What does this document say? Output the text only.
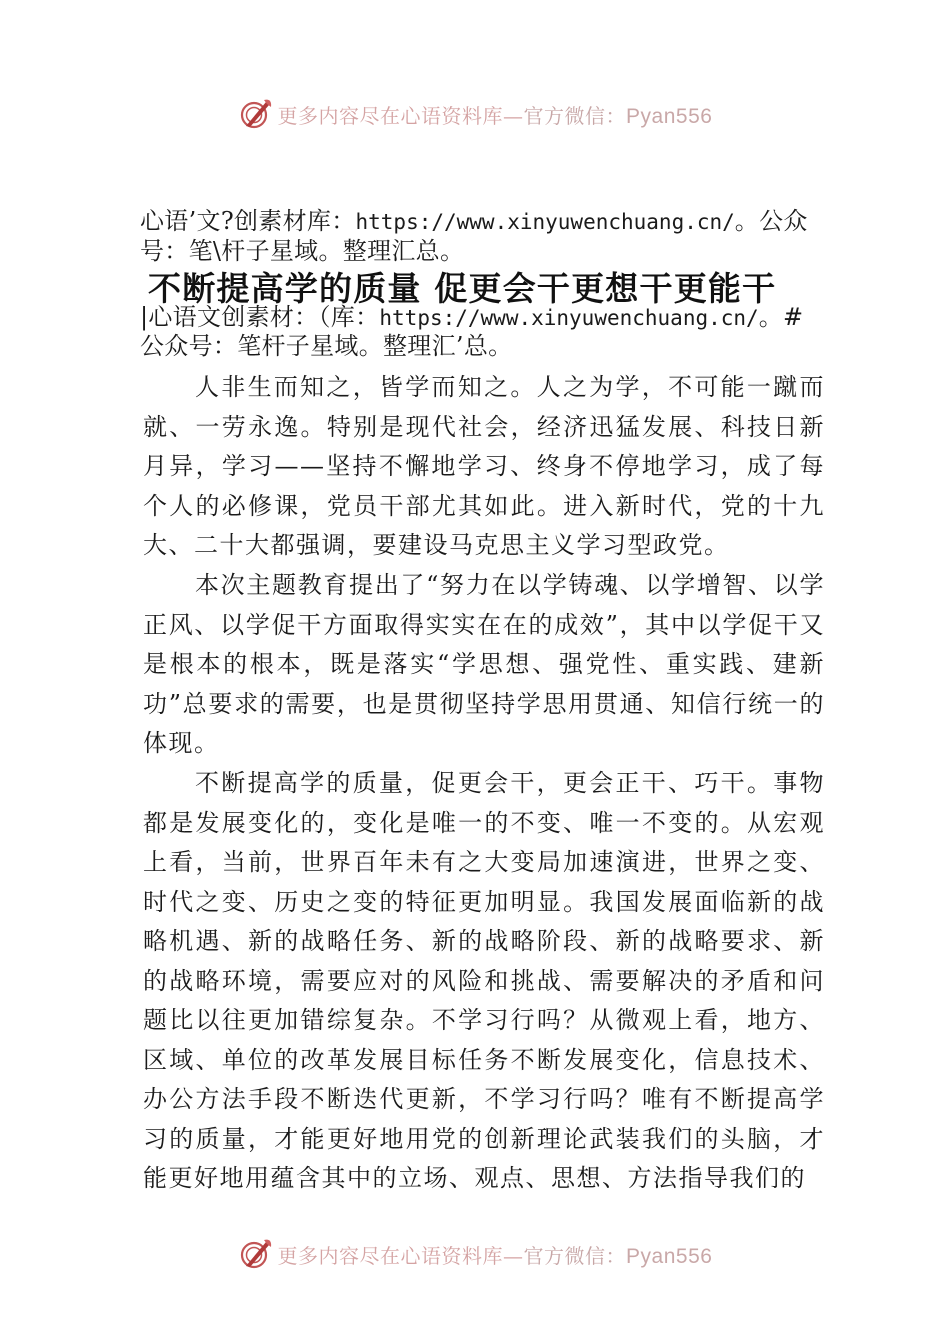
更多内容尽在心语资料库—官方微信：Pyan556
心语’文?创素材库：https://www.xinyuwenchuang.cn/。公众
号：笔\杆子星域。整理汇总。
不断提高学的质量 促更会干更想干更能干
|心语文创素材：（库：https://www.xinyuwenchuang.cn/。#
公众号：笔杆子星域。整理汇’总。

人非生而知之，皆学而知之。人之为学，不可能一蹴而就、一劳永逸。特别是现代社会，经济迅猛发展、科技日新月异，学习——坚持不懈地学习、终身不停地学习，成了每个人的必修课，党员干部尤其如此。进入新时代，党的十九大、二十大都强调，要建设马克思主义学习型政党。

本次主题教育提出了“努力在以学铸魂、以学增智、以学正风、以学促干方面取得实实在在的成效”，其中以学促干又是根本的根本，既是落实“学思想、强党性、重实践、建新功”总要求的需要，也是贯彻坚持学思用贯通、知信行统一的体现。

不断提高学的质量，促更会干，更会正干、巧干。事物都是发展变化的，变化是唯一的不变、唯一不变的。从宏观上看，当前，世界百年未有之大变局加速演进，世界之变、 时代之变、历史之变的特征更加明显。我国发展面临新的战略机遇、新的战略任务、新的战略阶段、新的战略要求、新的战略环境，需要应对的风险和挑战、需要解决的矛盾和问题比以往更加错综复杂。不学习行吗？从微观上看，地方、 区域、单位的改革发展目标任务不断发展变化，信息技术、 办公方法手段不断迭代更新，不学习行吗？唯有不断提高学习的质量，才能更好地用党的创新理论武装我们的头脑，才能更好地用蕴含其中的立场、观点、思想、方法指导我们的

更多内容尽在心语资料库—官方微信：Pyan556
